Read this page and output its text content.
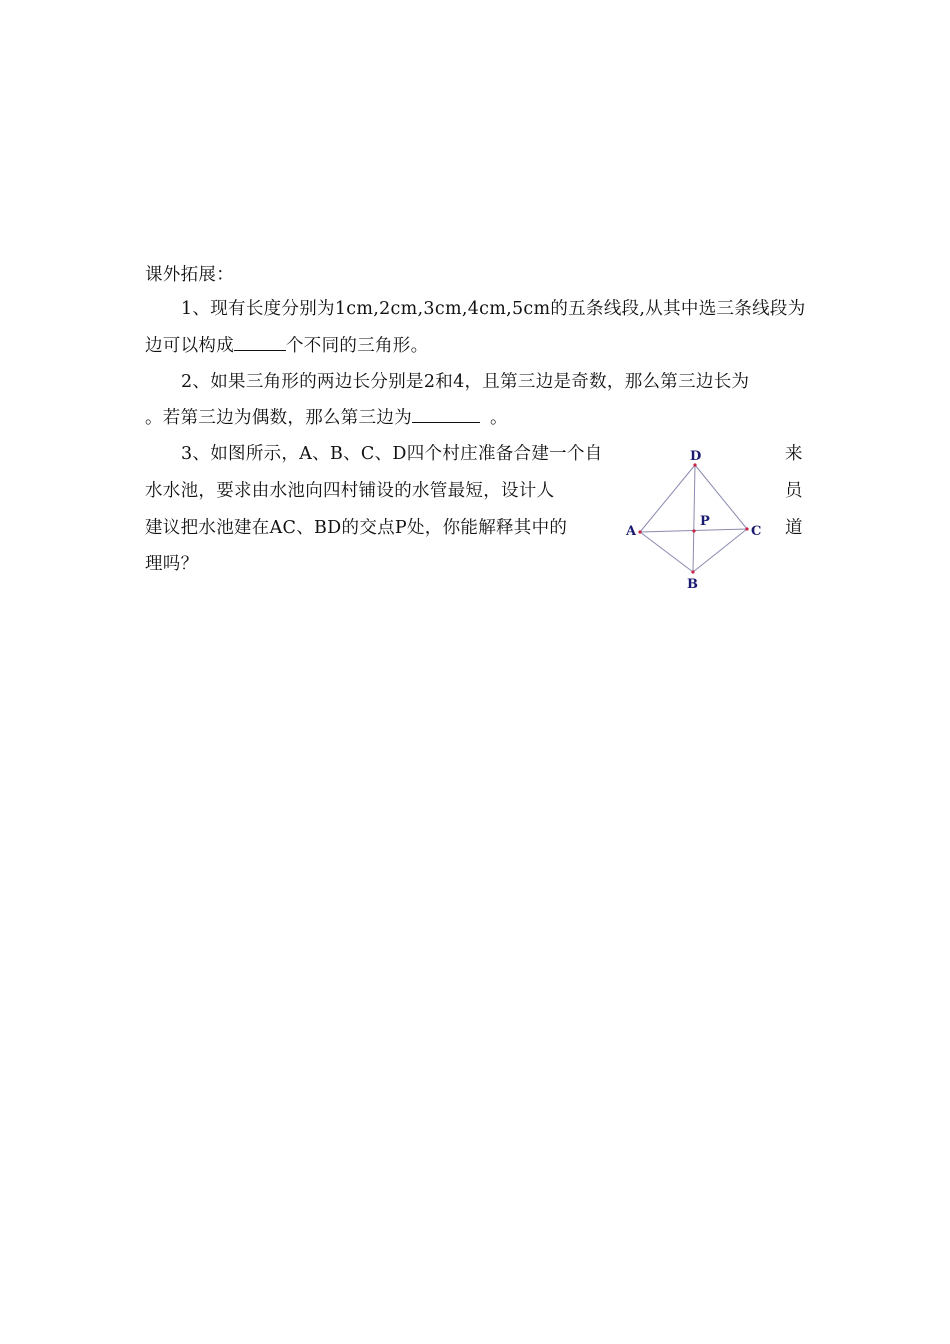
课外拓展：
1、现有长度分别为1cm,2cm,3cm,4cm,5cm的五条线段,从其中选三条线段为
边可以构成	个不同的三角形。
2、如果三角形的两边长分别是2和4，且第三边是奇数，那么第三边长为
。若第三边为偶数，那么第三边为	。
3、如图所示，A、B、C、D四个村庄准备合建一个自
水水池，要求由水池向四村铺设的水管最短，设计人
建议把水池建在AC、BD的交点P处，你能解释其中的
理吗？
来
员
道
D
A	C
B
P
